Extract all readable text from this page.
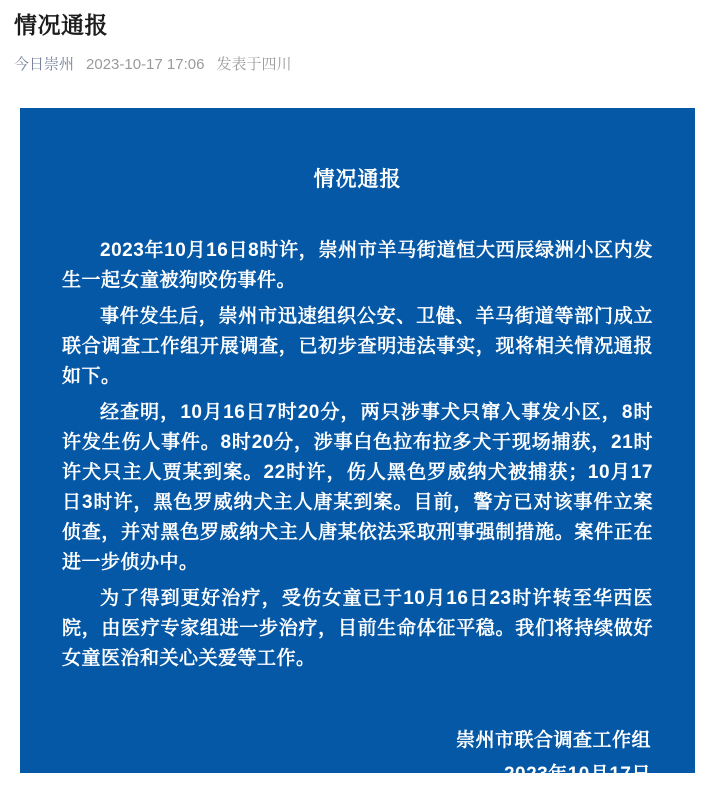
情况通报
今日崇州 2023-10-17 17:06 发表于四川
情况通报

2023年10月16日8时许，崇州市羊马街道恒大西辰绿洲小区内发生一起女童被狗咬伤事件。

事件发生后，崇州市迅速组织公安、卫健、羊马街道等部门成立联合调查工作组开展调查，已初步查明违法事实，现将相关情况通报如下。

经查明，10月16日7时20分，两只涉事犬只窜入事发小区，8时许发生伤人事件。8时20分，涉事白色拉布拉多犬于现场捕获，21时许犬只主人贾某到案。22时许，伤人黑色罗威纳犬被捕获；10月17日3时许，黑色罗威纳犬主人唐某到案。目前，警方已对该事件立案侦查，并对黑色罗威纳犬主人唐某依法采取刑事强制措施。案件正在进一步侦办中。

为了得到更好治疗，受伤女童已于10月16日23时许转至华西医院，由医疗专家组进一步治疗，目前生命体征平稳。我们将持续做好女童医治和关心关爱等工作。

崇州市联合调查工作组
2023年10月17日
